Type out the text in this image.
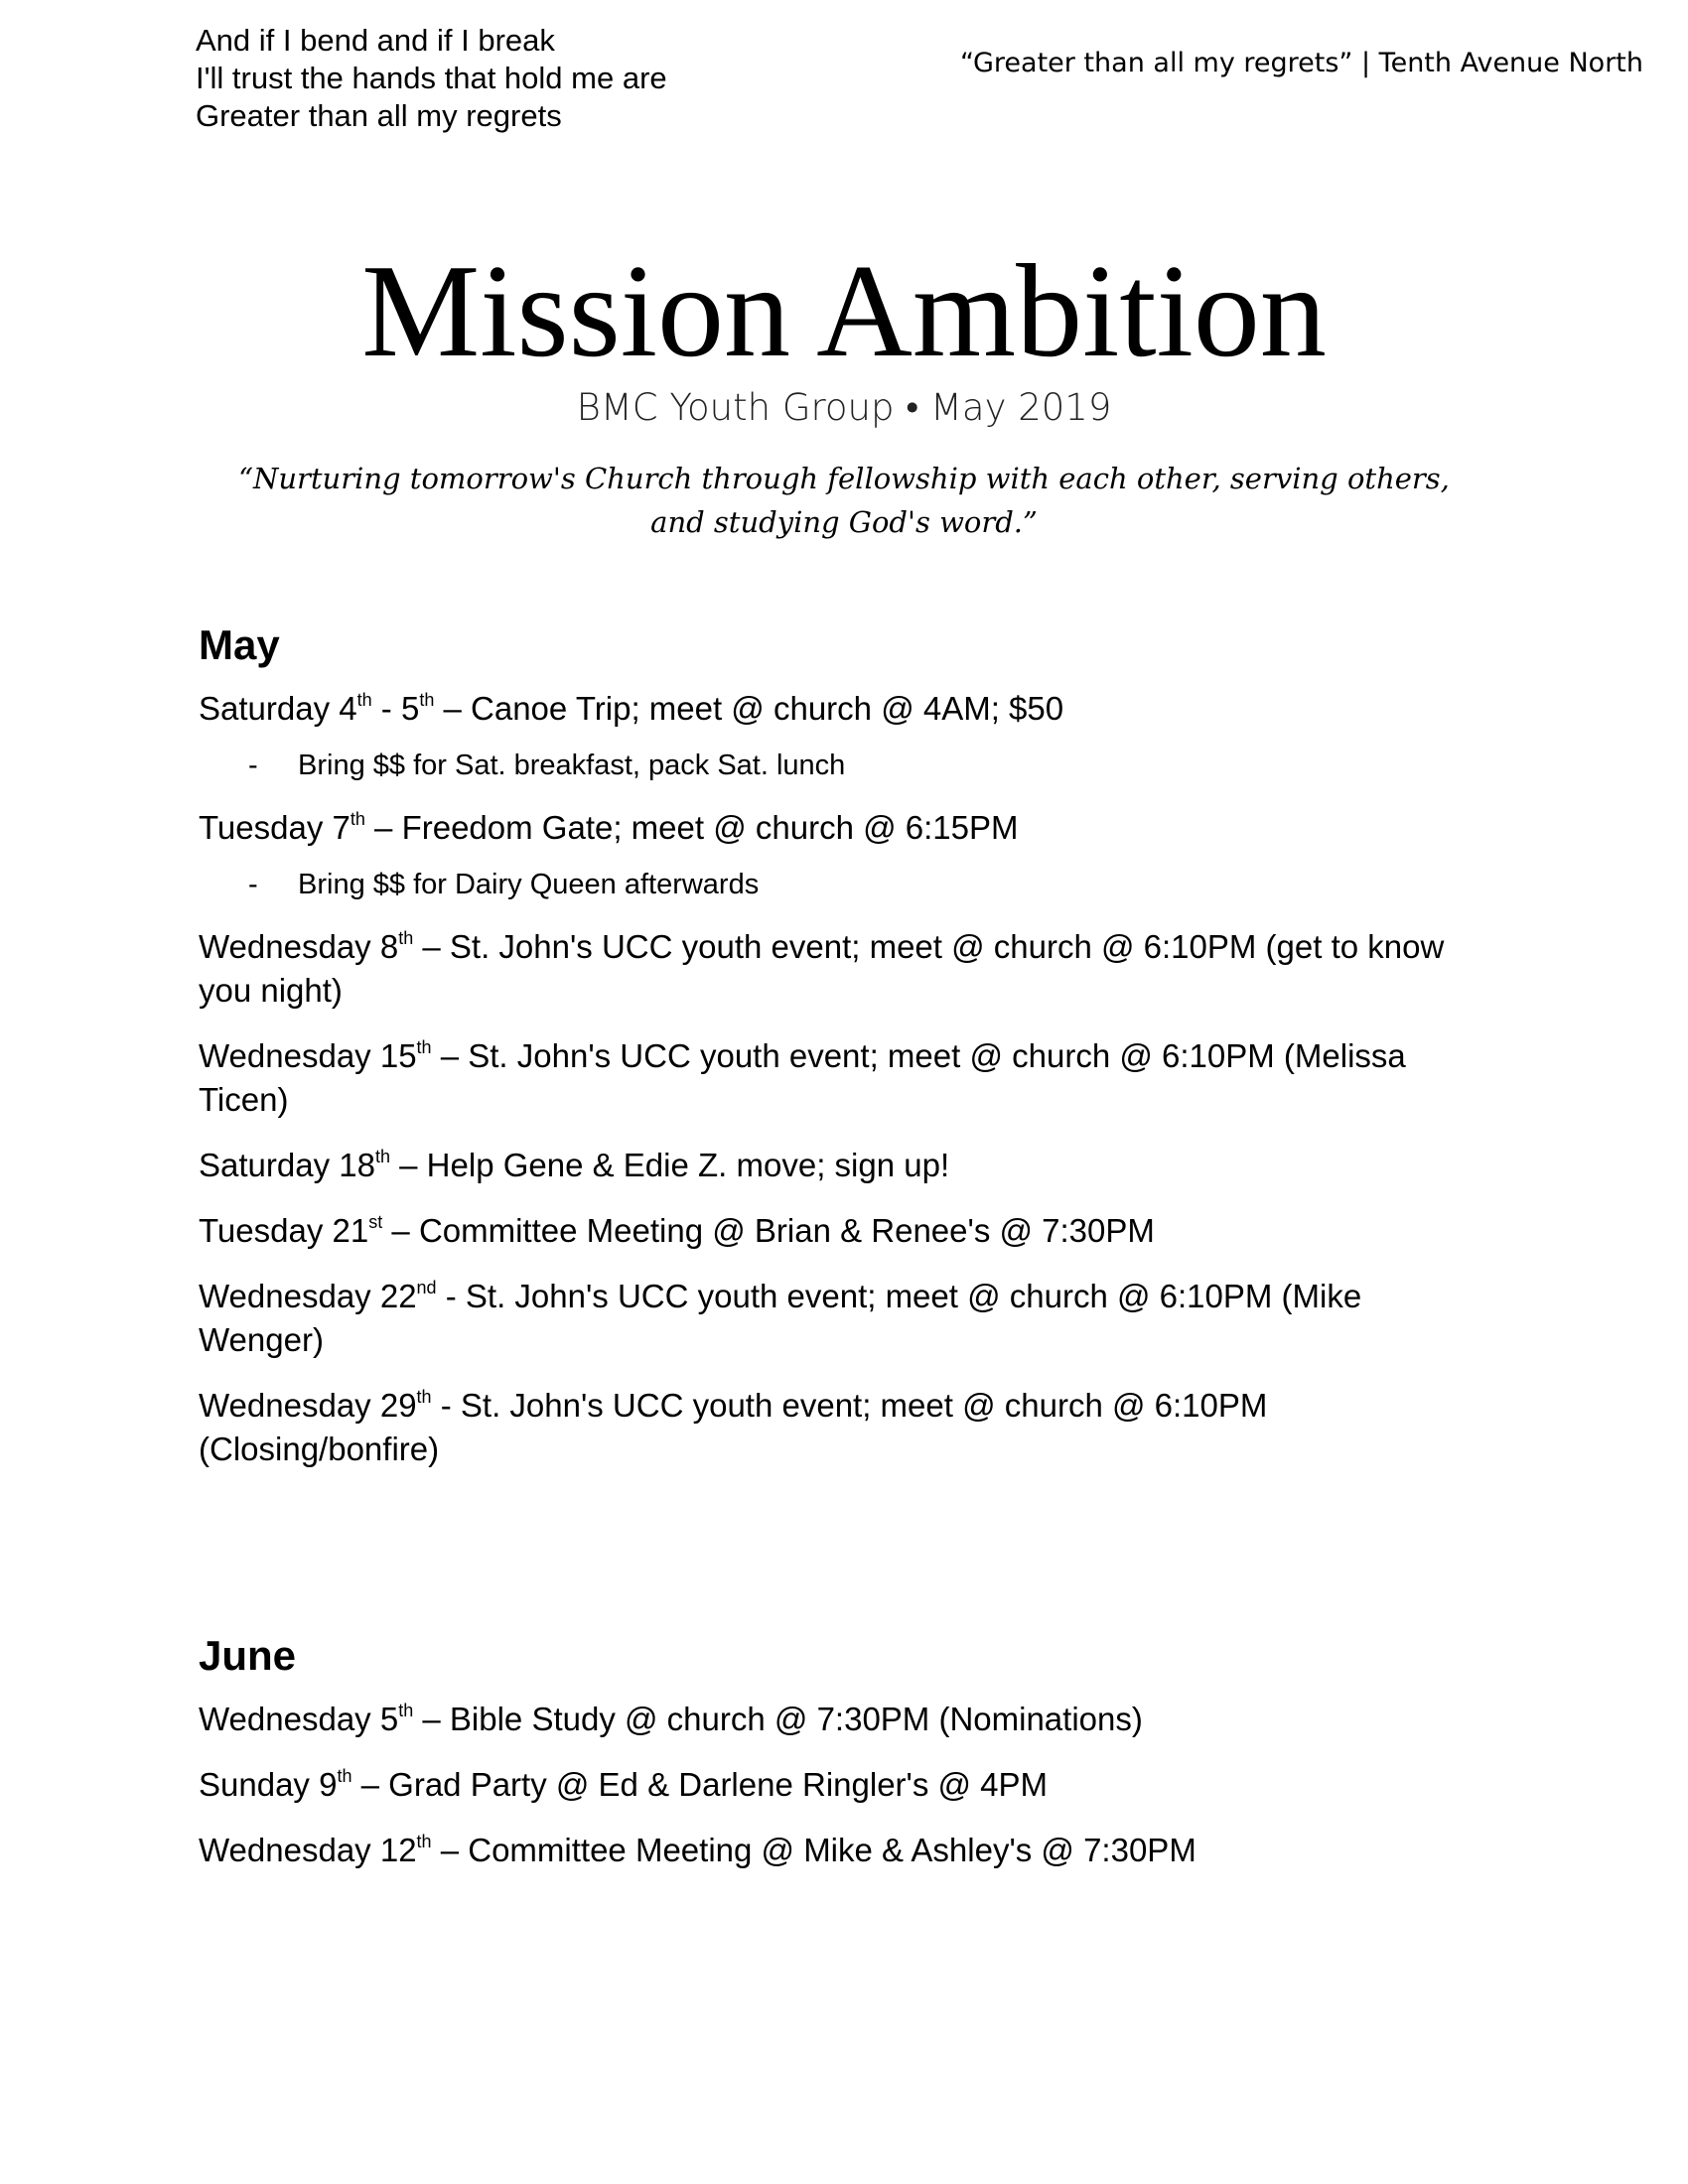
And if I bend and if I break
I'll trust the hands that hold me are
Greater than all my regrets
“Greater than all my regrets” | Tenth Avenue North
Mission Ambition
BMC Youth Group • May 2019
“Nurturing tomorrow's Church through fellowship with each other, serving others, and studying God's word.”
May
Saturday 4th - 5th – Canoe Trip; meet @ church @ 4AM; $50
- Bring $$ for Sat. breakfast, pack Sat. lunch
Tuesday 7th – Freedom Gate; meet @ church @ 6:15PM
- Bring $$ for Dairy Queen afterwards
Wednesday 8th – St. John's UCC youth event; meet @ church @ 6:10PM (get to know you night)
Wednesday 15th – St. John's UCC youth event; meet @ church @ 6:10PM (Melissa Ticen)
Saturday 18th – Help Gene & Edie Z. move; sign up!
Tuesday 21st – Committee Meeting @ Brian & Renee's @ 7:30PM
Wednesday 22nd - St. John's UCC youth event; meet @ church @ 6:10PM (Mike Wenger)
Wednesday 29th - St. John's UCC youth event; meet @ church @ 6:10PM (Closing/bonfire)
June
Wednesday 5th – Bible Study @ church @ 7:30PM (Nominations)
Sunday 9th – Grad Party @ Ed & Darlene Ringler's @ 4PM
Wednesday 12th – Committee Meeting @ Mike & Ashley's @ 7:30PM
